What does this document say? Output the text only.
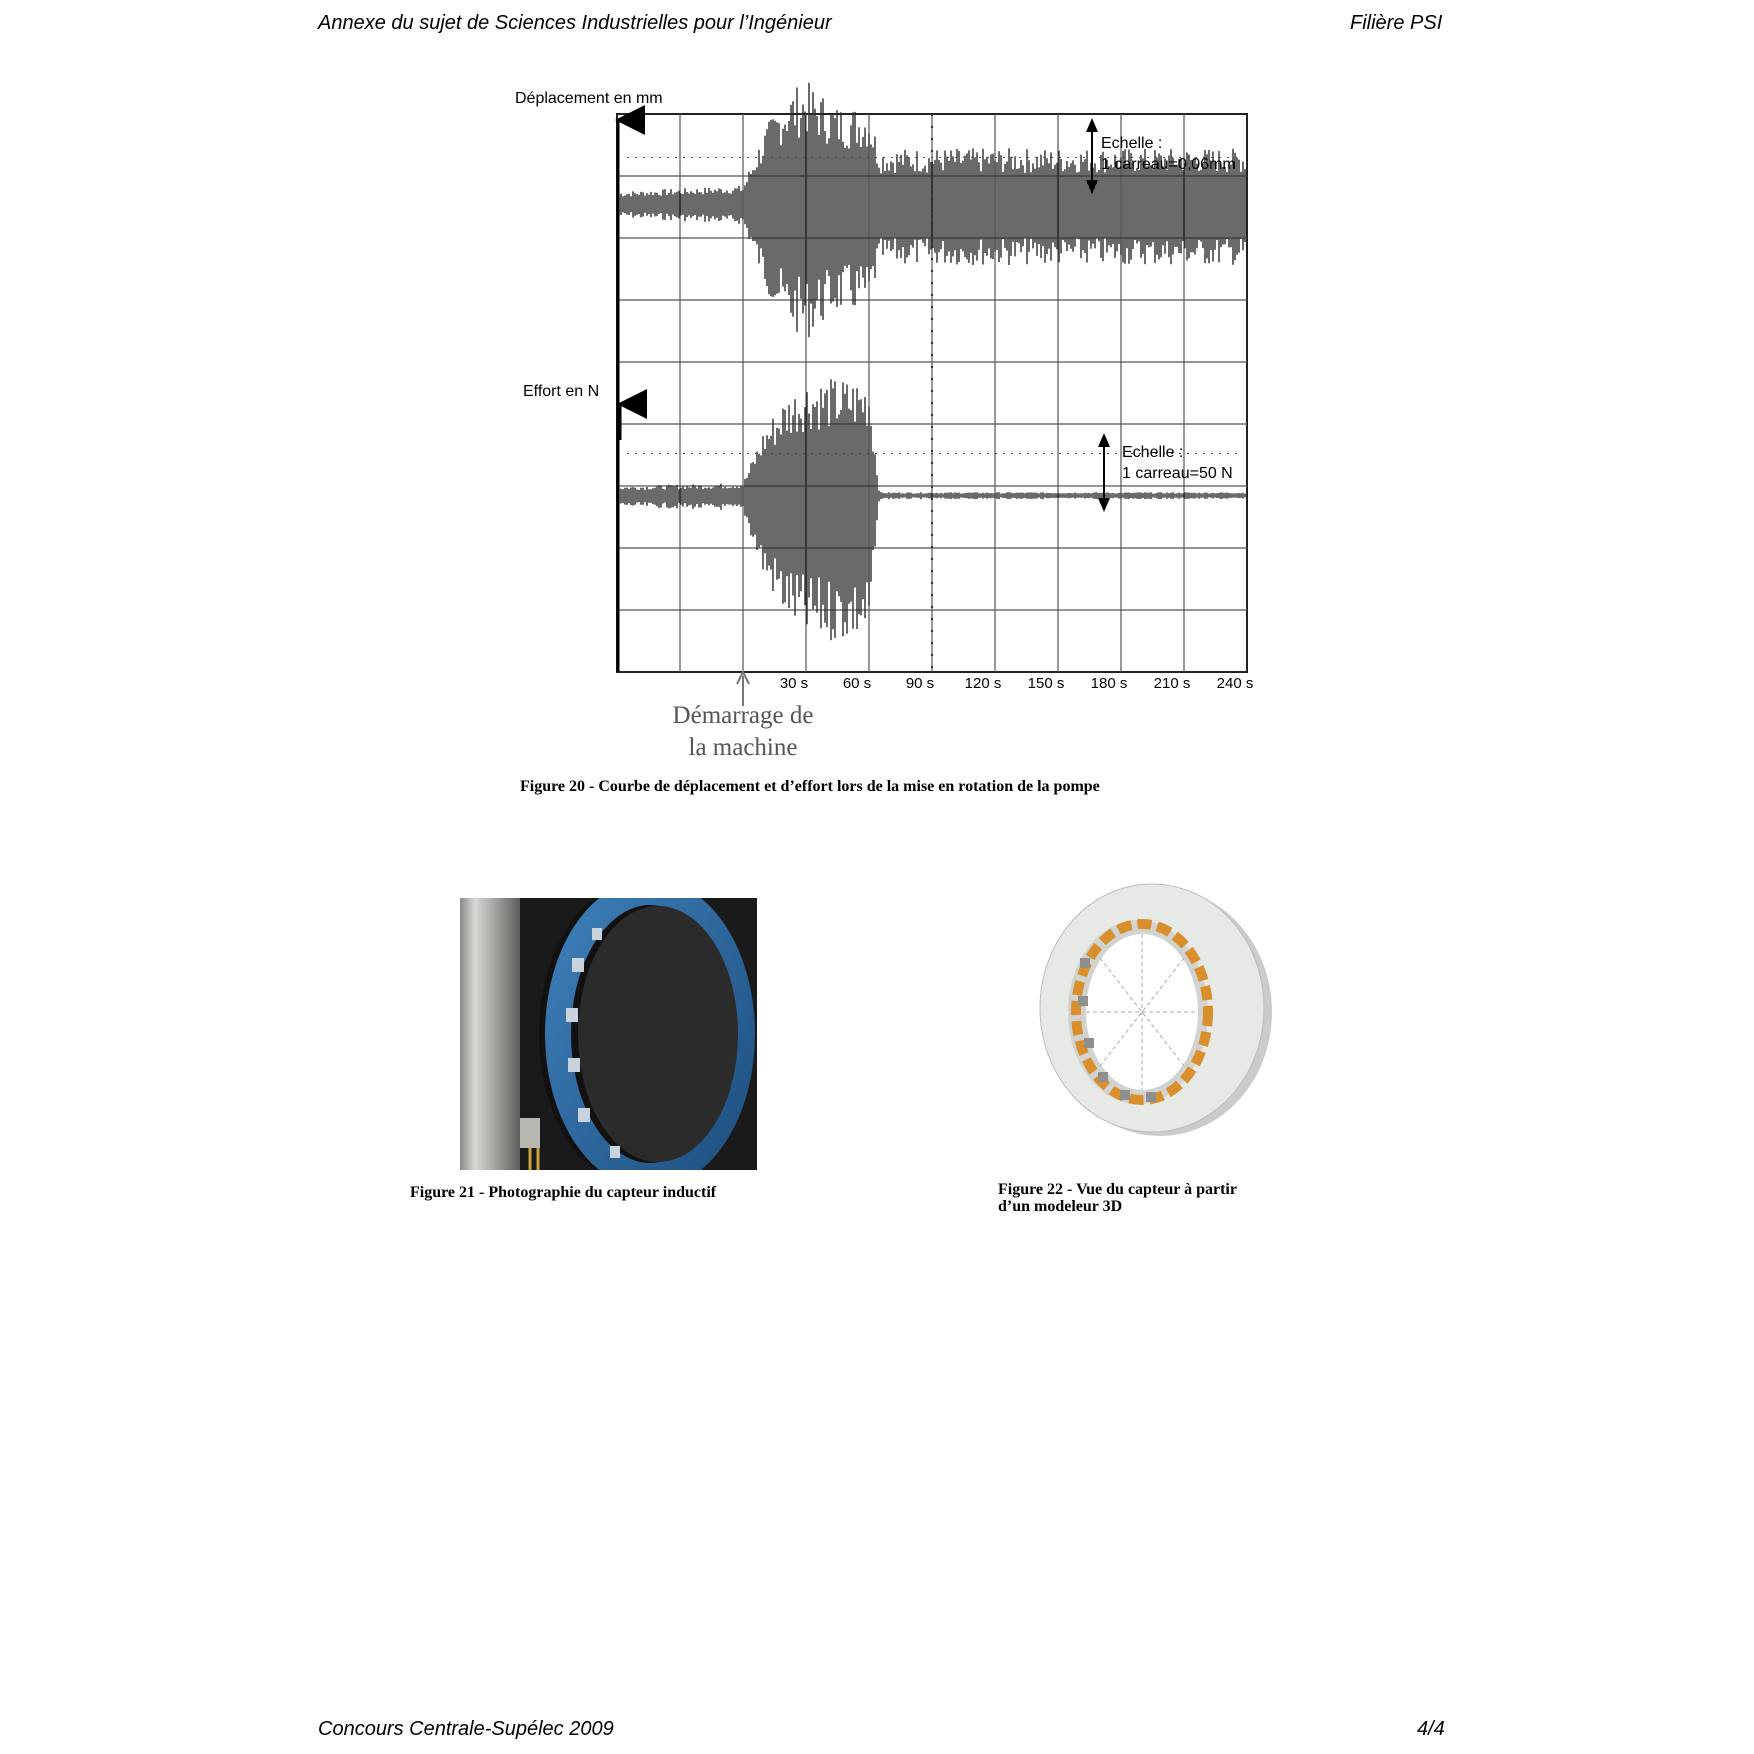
Annexe du sujet de Sciences Industrielles pour l’Ingénieur	Filière PSI
Concours Centrale-Supélec 2009	4/4
Déplacement en mm
Effort en N
30 s 60 s 90 s 120 s 150 s 180 s 210 s 240 s
Echelle :
1 carreau=0,06mm
Echelle :
1 carreau=50 N
Démarrage de
la machine
Figure 20 - Courbe de déplacement et d’effort lors de la mise en rotation de la pompe
Figure 21 - Photographie du capteur inductif	Figure 22 - Vue du capteur à partir
d’un modeleur 3D
